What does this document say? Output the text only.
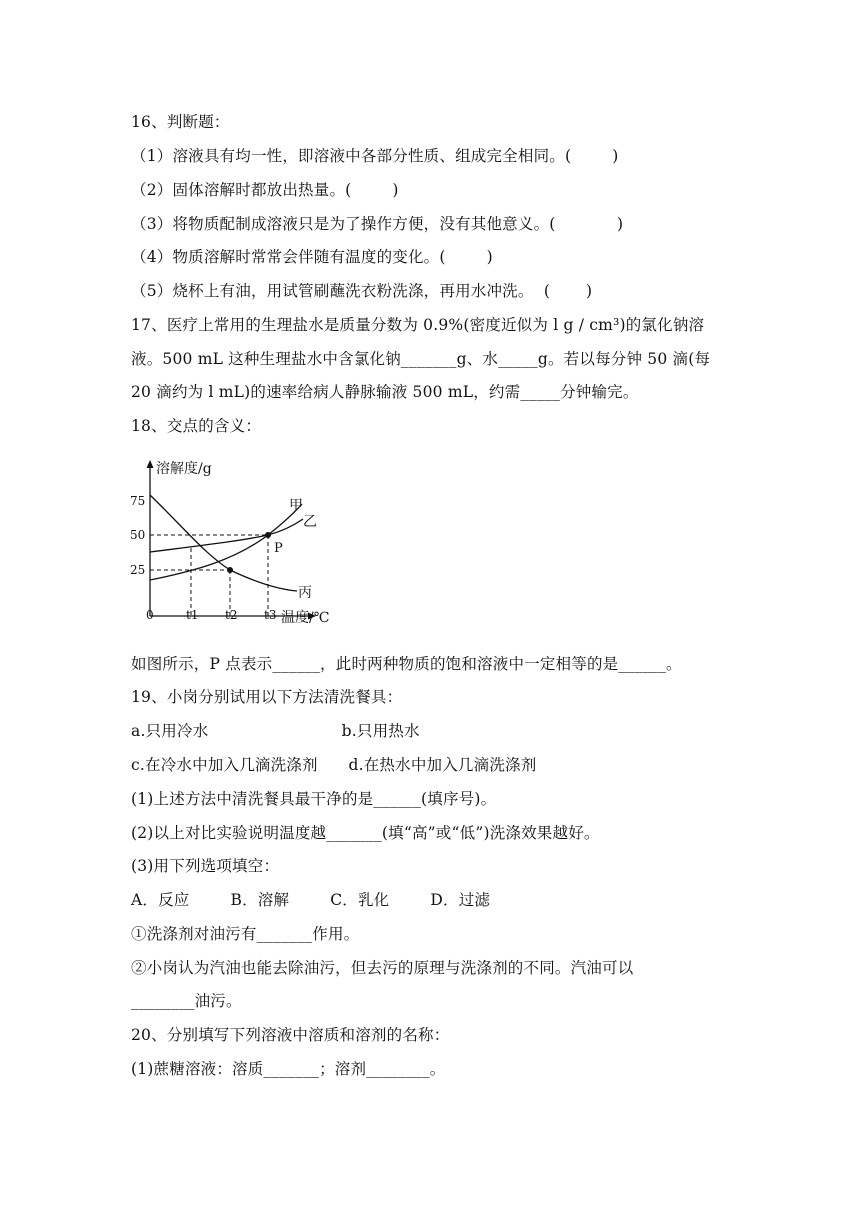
16、判断题：
（1）溶液具有均一性，即溶液中各部分性质、组成完全相同。(        )
（2）固体溶解时都放出热量。(        )
（3）将物质配制成溶液只是为了操作方便，没有其他意义。(            )
（4）物质溶解时常常会伴随有温度的变化。(        )
（5）烧杯上有油，用试管刷蘸洗衣粉洗涤，再用水冲洗。  (       )
17、医疗上常用的生理盐水是质量分数为 0.9%(密度近似为 l g / cm³)的氯化钠溶
液。500 mL 这种生理盐水中含氯化钠_______g、水_____g。若以每分钟 50 滴(每
20 滴约为 l mL)的速率给病人静脉输液 500 mL，约需_____分钟输完。
18、交点的含义：
溶解度/g
温度/℃
75
50
25
0	t1 t2 t3
甲
乙
丙
P
如图所示，P 点表示______，此时两种物质的饱和溶液中一定相等的是______。
19、小岗分别试用以下方法清洗餐具：
a.只用冷水                          b.只用热水
c.在冷水中加入几滴洗涤剂      d.在热水中加入几滴洗涤剂
(1)上述方法中清洗餐具最干净的是______(填序号)。
(2)以上对比实验说明温度越_______(填“高”或“低”)洗涤效果越好。
(3)用下列选项填空：
A．反应        B．溶解        C．乳化        D．过滤
①洗涤剂对油污有_______作用。
②小岗认为汽油也能去除油污，但去污的原理与洗涤剂的不同。汽油可以
________油污。
20、分别填写下列溶液中溶质和溶剂的名称：
(1)蔗糖溶液：溶质_______；溶剂________。
